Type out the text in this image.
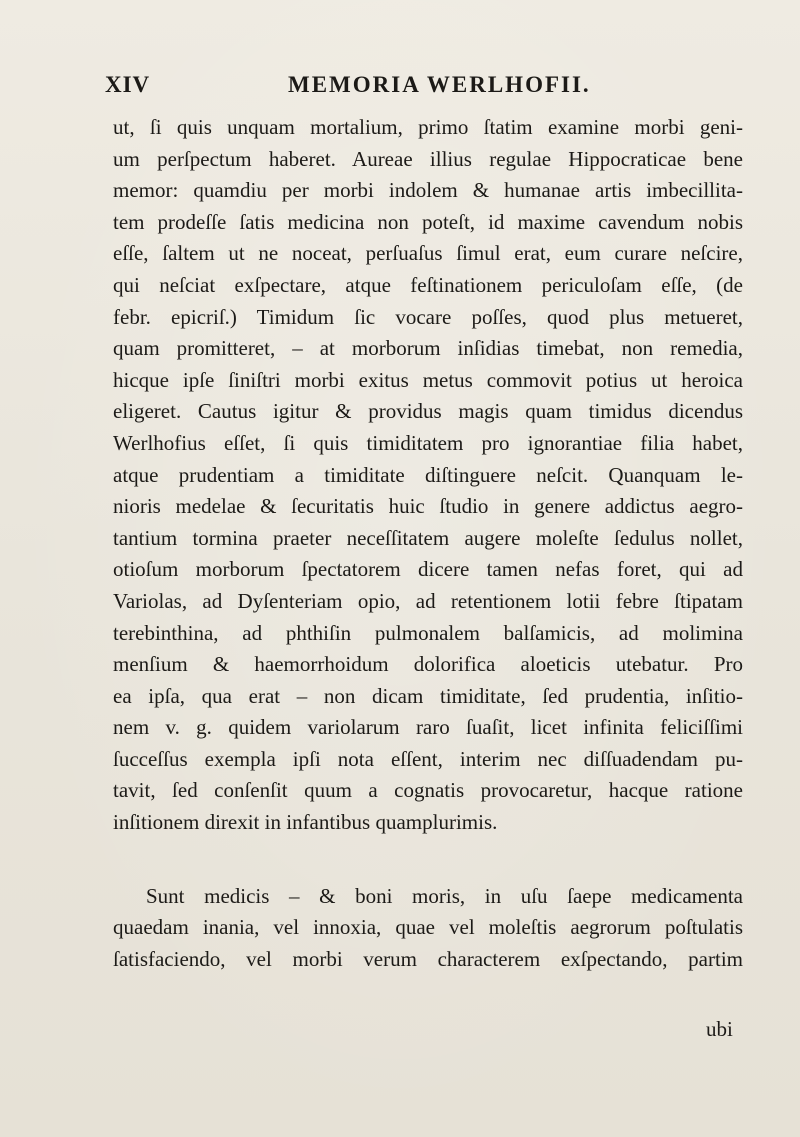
XIV	MEMORIA WERLHOFII.
ut, ſi quis unquam mortalium, primo ſtatim examine morbi geni-
um perſpectum haberet. Aureae illius regulae Hippocraticae bene
memor: quamdiu per morbi indolem & humanae artis imbecillita-
tem prodeſſe ſatis medicina non poteſt, id maxime cavendum nobis
eſſe, ſaltem ut ne noceat, perſuaſus ſimul erat, eum curare neſcire,
qui neſciat exſpectare, atque feſtinationem periculoſam eſſe, (de
febr. epicriſ.) Timidum ſic vocare poſſes, quod plus metueret,
quam promitteret, – at morborum inſidias timebat, non remedia,
hicque ipſe ſiniſtri morbi exitus metus commovit potius ut heroica
eligeret. Cautus igitur & providus magis quam timidus dicendus
Werlhofius eſſet, ſi quis timiditatem pro ignorantiae filia habet,
atque prudentiam a timiditate diſtinguere neſcit. Quanquam le-
nioris medelae & ſecuritatis huic ſtudio in genere addictus aegro-
tantium tormina praeter neceſſitatem augere moleſte ſedulus nollet,
otioſum morborum ſpectatorem dicere tamen nefas foret, qui ad
Variolas, ad Dyſenteriam opio, ad retentionem lotii febre ſtipatam
terebinthina, ad phthiſin pulmonalem balſamicis, ad molimina
menſium & haemorrhoidum dolorifica aloeticis utebatur. Pro
ea ipſa, qua erat – non dicam timiditate, ſed prudentia, inſitio-
nem v. g. quidem variolarum raro ſuaſit, licet infinita feliciſſimi
ſucceſſus exempla ipſi nota eſſent, interim nec diſſuadendam pu-
tavit, ſed conſenſit quum a cognatis provocaretur, hacque ratione
inſitionem direxit in infantibus quamplurimis.
Sunt medicis – & boni moris, in uſu ſaepe medicamenta
quaedam inania, vel innoxia, quae vel moleſtis aegrorum poſtulatis
ſatisfaciendo, vel morbi verum characterem exſpectando, partim
ubi
